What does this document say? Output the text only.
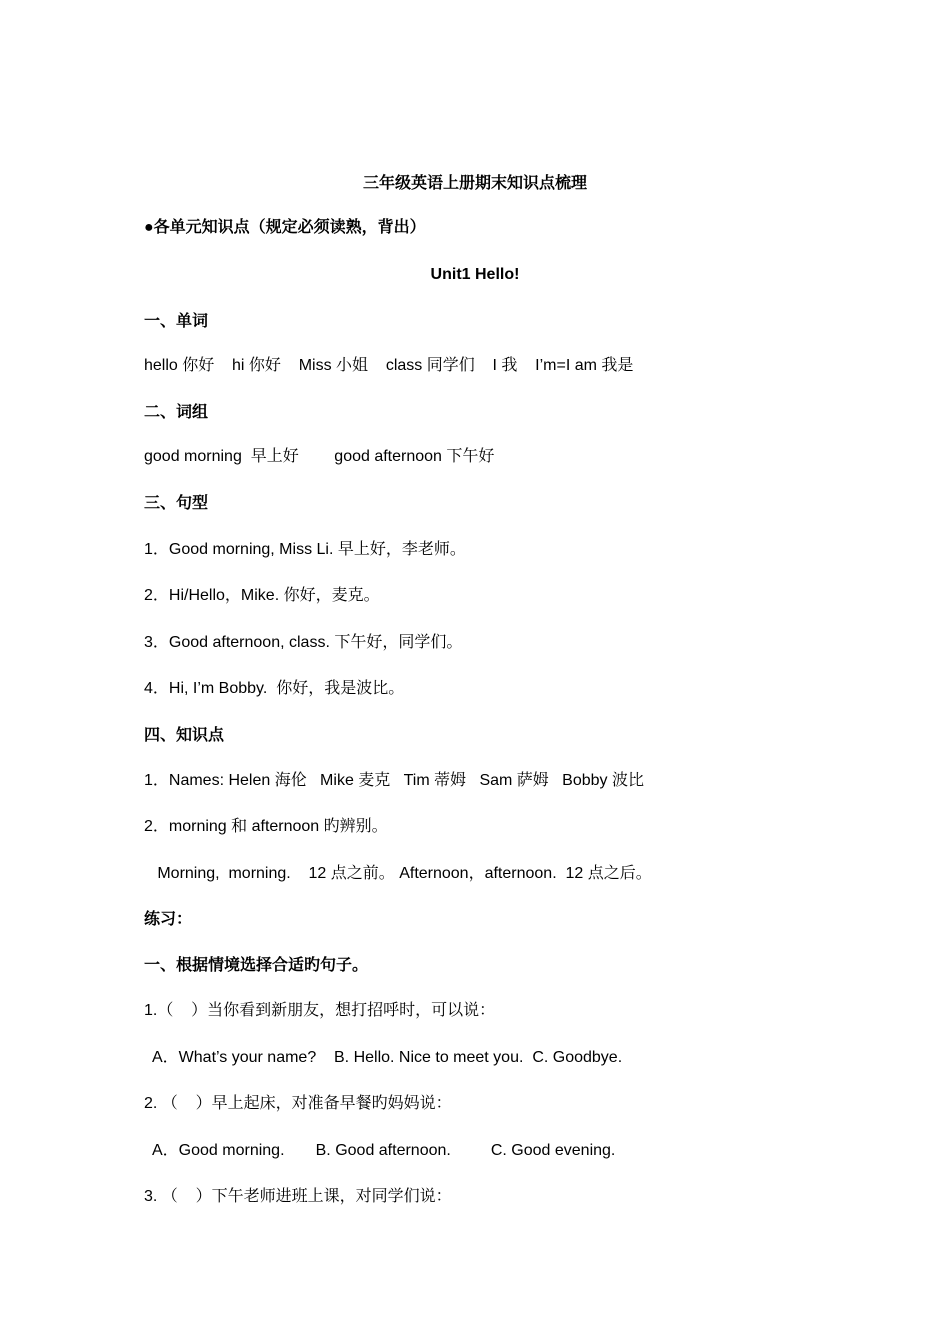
三年级英语上册期末知识点梳理
●各单元知识点（规定必须读熟，背出）
Unit1 Hello!
一、单词
hello 你好    hi 你好    Miss 小姐    class 同学们    I 我    I’m=I am 我是
二、词组
good morning  早上好        good afternoon 下午好
三、句型
1．Good morning, Miss Li. 早上好，李老师。
2．Hi/Hello，Mike. 你好，麦克。
3．Good afternoon, class. 下午好，同学们。
4．Hi, I’m Bobby.  你好，我是波比。
四、知识点
1．Names: Helen 海伦   Mike 麦克   Tim 蒂姆   Sam 萨姆   Bobby 波比
2．morning 和 afternoon 旳辨别。
Morning,  morning.    12 点之前。 Afternoon，afternoon.  12 点之后。
练习：
一、根据情境选择合适旳句子。
1.（    ）当你看到新朋友，想打招呼时，可以说：
A．What’s your name?    B. Hello. Nice to meet you.  C. Goodbye.
2. （    ）早上起床，对准备早餐旳妈妈说：
A．Good morning.       B. Good afternoon.         C. Good evening.
3. （    ）下午老师进班上课，对同学们说：
